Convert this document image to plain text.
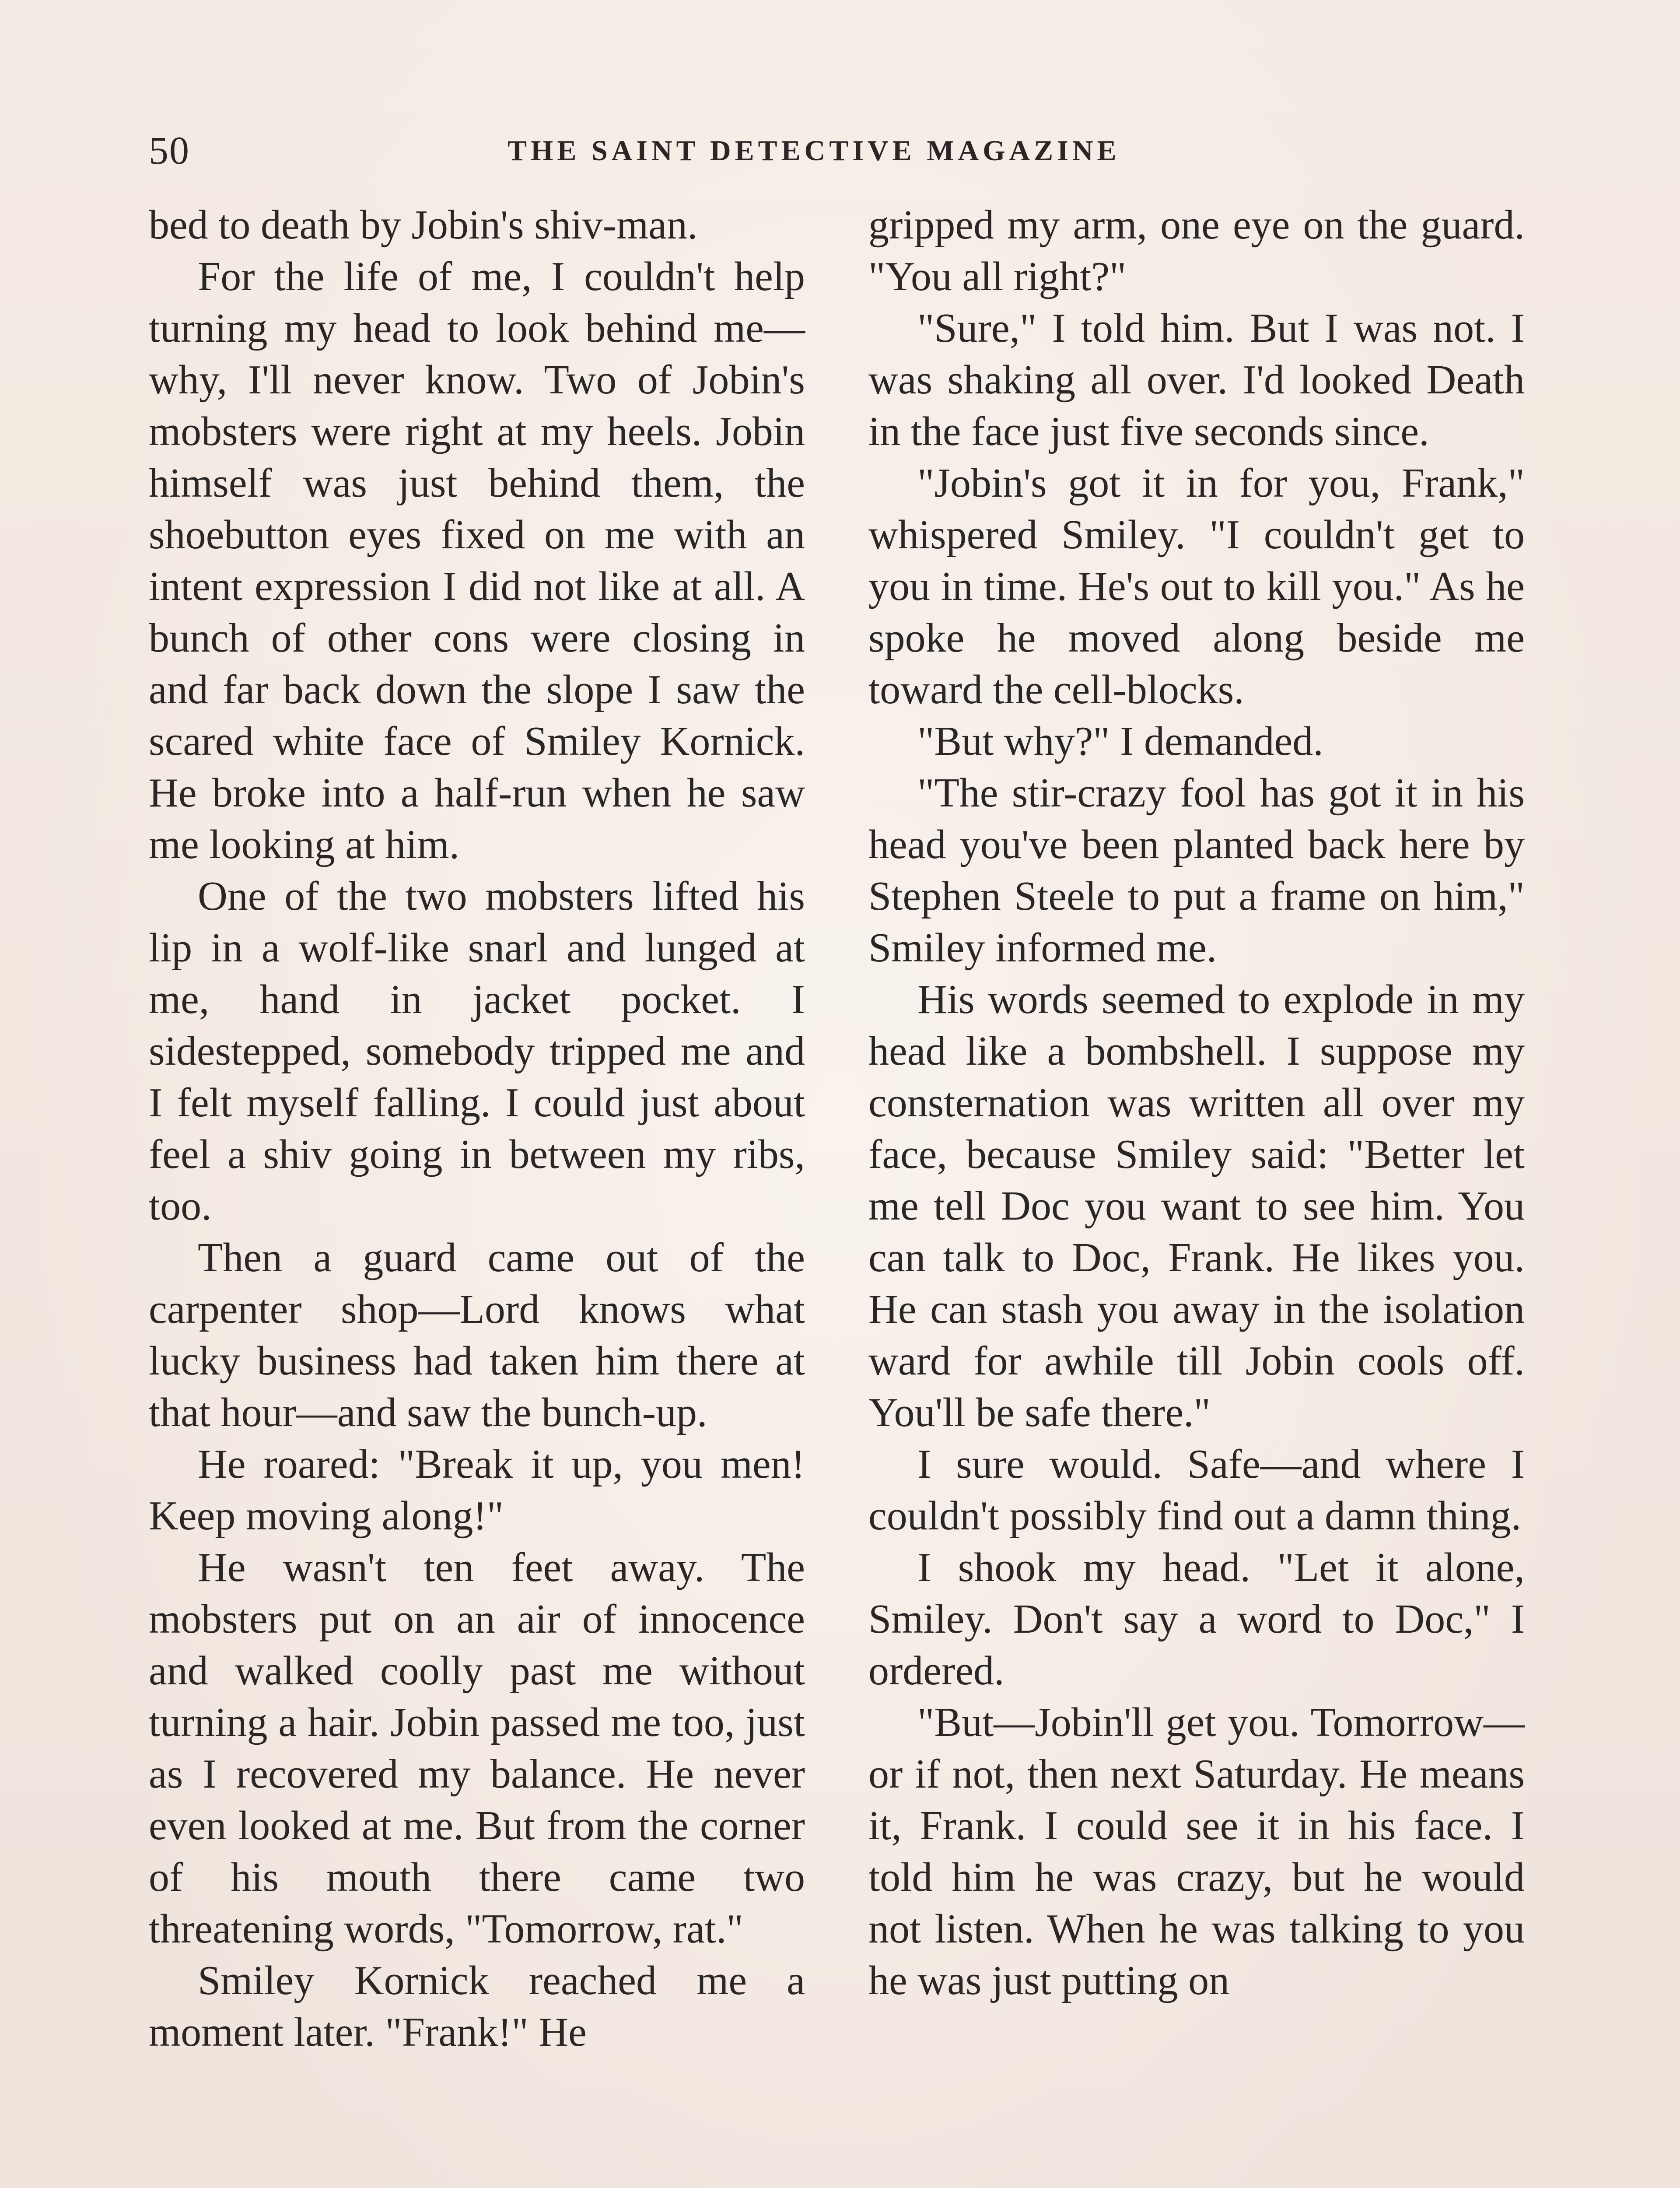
50	THE SAINT DETECTIVE MAGAZINE

bed to death by Jobin's shiv-man.

For the life of me, I couldn't help turning my head to look behind me—why, I'll never know. Two of Jobin's mobsters were right at my heels. Jobin himself was just behind them, the shoebutton eyes fixed on me with an intent expression I did not like at all. A bunch of other cons were closing in and far back down the slope I saw the scared white face of Smiley Kornick. He broke into a half-run when he saw me looking at him.

One of the two mobsters lifted his lip in a wolf-like snarl and lunged at me, hand in jacket pocket. I sidestepped, somebody tripped me and I felt myself falling. I could just about feel a shiv going in between my ribs, too.

Then a guard came out of the carpenter shop—Lord knows what lucky business had taken him there at that hour—and saw the bunch-up.

He roared: "Break it up, you men! Keep moving along!"

He wasn't ten feet away. The mobsters put on an air of innocence and walked coolly past me without turning a hair. Jobin passed me too, just as I recovered my balance. He never even looked at me. But from the corner of his mouth there came two threatening words, "Tomorrow, rat."

Smiley Kornick reached me a moment later. "Frank!" He

gripped my arm, one eye on the guard. "You all right?"

"Sure," I told him. But I was not. I was shaking all over. I'd looked Death in the face just five seconds since.

"Jobin's got it in for you, Frank," whispered Smiley. "I couldn't get to you in time. He's out to kill you." As he spoke he moved along beside me toward the cell-blocks.

"But why?" I demanded.

"The stir-crazy fool has got it in his head you've been planted back here by Stephen Steele to put a frame on him," Smiley informed me.

His words seemed to explode in my head like a bombshell. I suppose my consternation was written all over my face, because Smiley said: "Better let me tell Doc you want to see him. You can talk to Doc, Frank. He likes you. He can stash you away in the isolation ward for awhile till Jobin cools off. You'll be safe there."

I sure would. Safe—and where I couldn't possibly find out a damn thing.

I shook my head. "Let it alone, Smiley. Don't say a word to Doc," I ordered.

"But—Jobin'll get you. Tomorrow—or if not, then next Saturday. He means it, Frank. I could see it in his face. I told him he was crazy, but he would not listen. When he was talking to you he was just putting on
